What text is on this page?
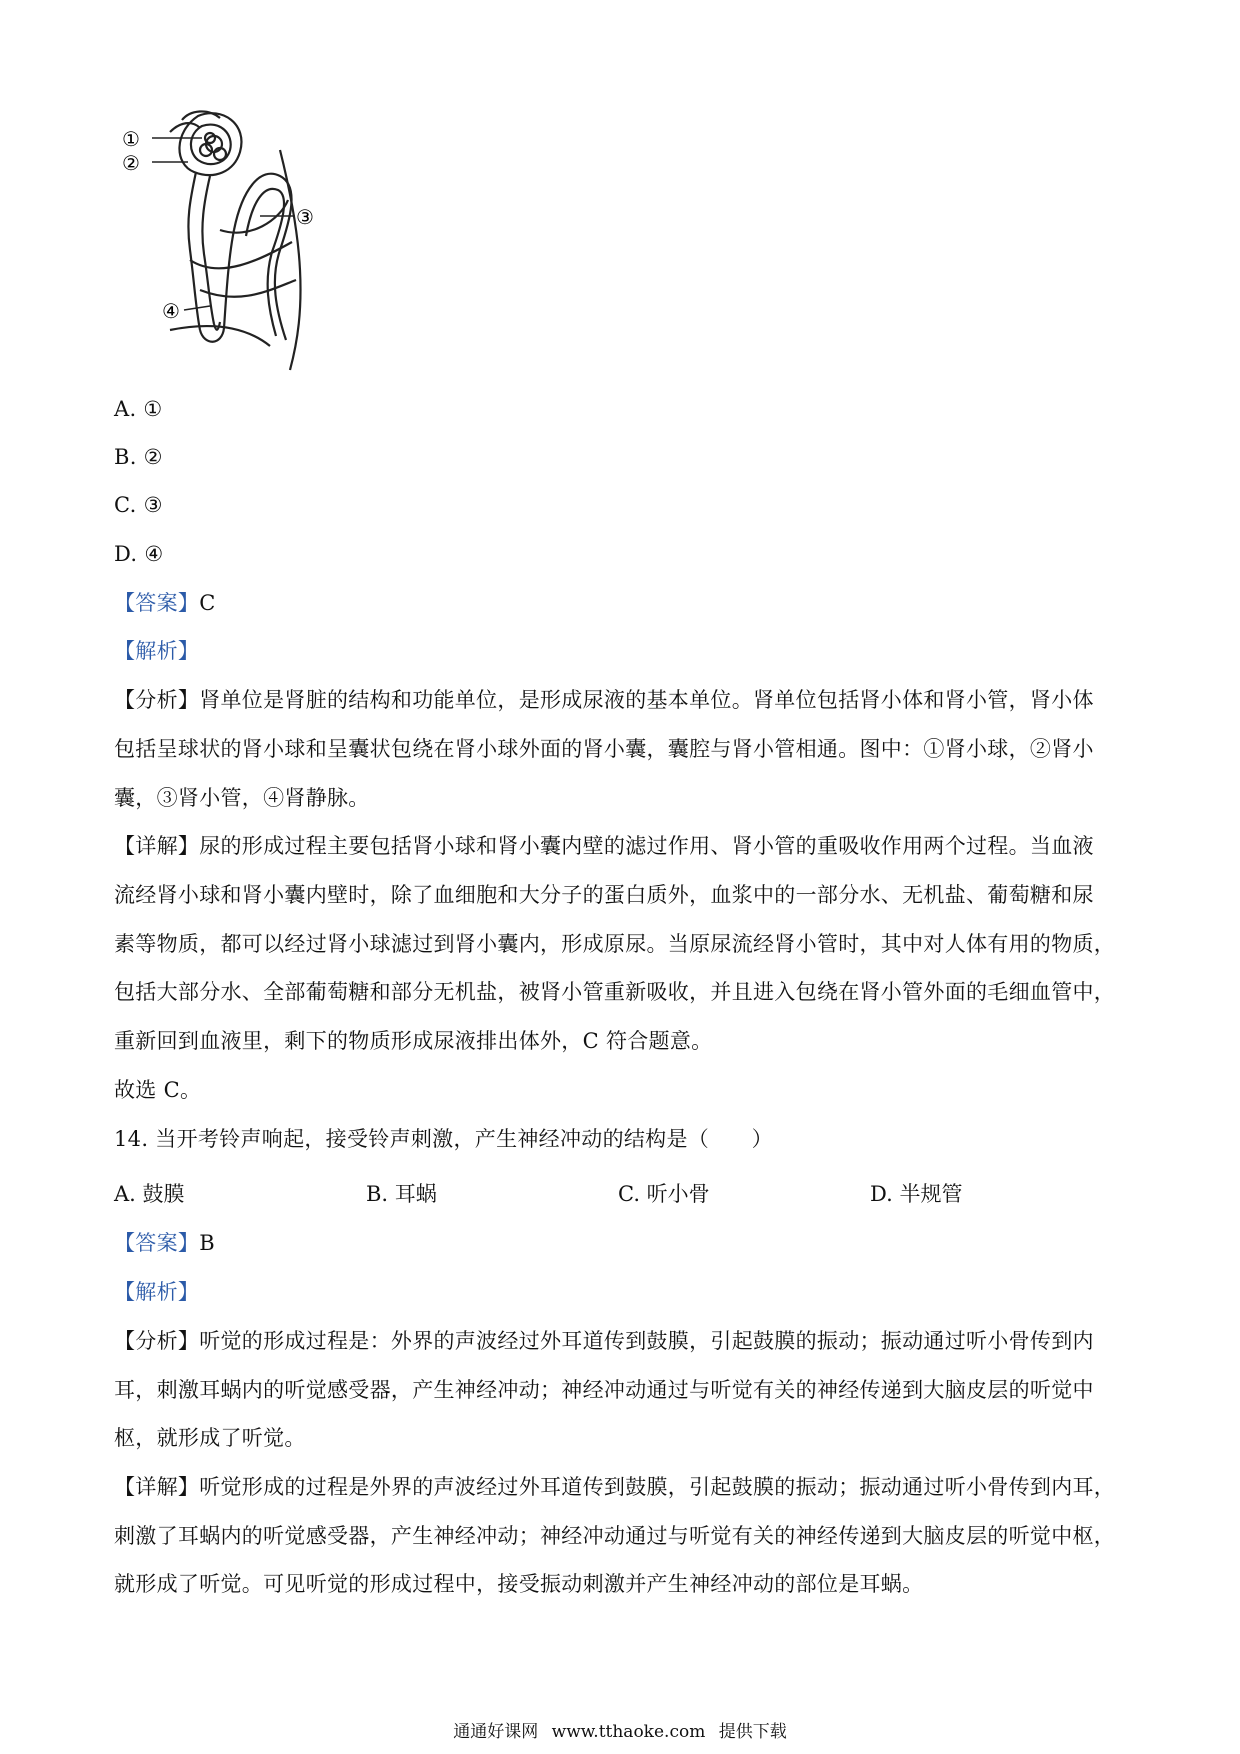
①
②
③
④
A. ①
B. ②
C. ③
D. ④
【答案】C
【解析】
【分析】肾单位是肾脏的结构和功能单位，是形成尿液的基本单位。肾单位包括肾小体和肾小管，肾小体
包括呈球状的肾小球和呈囊状包绕在肾小球外面的肾小囊，囊腔与肾小管相通。图中：①肾小球，②肾小
囊，③肾小管，④肾静脉。
【详解】尿的形成过程主要包括肾小球和肾小囊内壁的滤过作用、肾小管的重吸收作用两个过程。当血液
流经肾小球和肾小囊内壁时，除了血细胞和大分子的蛋白质外，血浆中的一部分水、无机盐、葡萄糖和尿
素等物质，都可以经过肾小球滤过到肾小囊内，形成原尿。当原尿流经肾小管时，其中对人体有用的物质，
包括大部分水、全部葡萄糖和部分无机盐，被肾小管重新吸收，并且进入包绕在肾小管外面的毛细血管中，
重新回到血液里，剩下的物质形成尿液排出体外，C 符合题意。
故选 C。
14. 当开考铃声响起，接受铃声刺激，产生神经冲动的结构是（　　）
A. 鼓膜	B. 耳蜗	C. 听小骨	D. 半规管
【答案】B
【解析】
【分析】听觉的形成过程是：外界的声波经过外耳道传到鼓膜，引起鼓膜的振动；振动通过听小骨传到内
耳，刺激耳蜗内的听觉感受器，产生神经冲动；神经冲动通过与听觉有关的神经传递到大脑皮层的听觉中
枢，就形成了听觉。
【详解】听觉形成的过程是外界的声波经过外耳道传到鼓膜，引起鼓膜的振动；振动通过听小骨传到内耳，
刺激了耳蜗内的听觉感受器，产生神经冲动；神经冲动通过与听觉有关的神经传递到大脑皮层的听觉中枢，
就形成了听觉。可见听觉的形成过程中，接受振动刺激并产生神经冲动的部位是耳蜗。
通通好课网 www.tthaoke.com 提供下载
